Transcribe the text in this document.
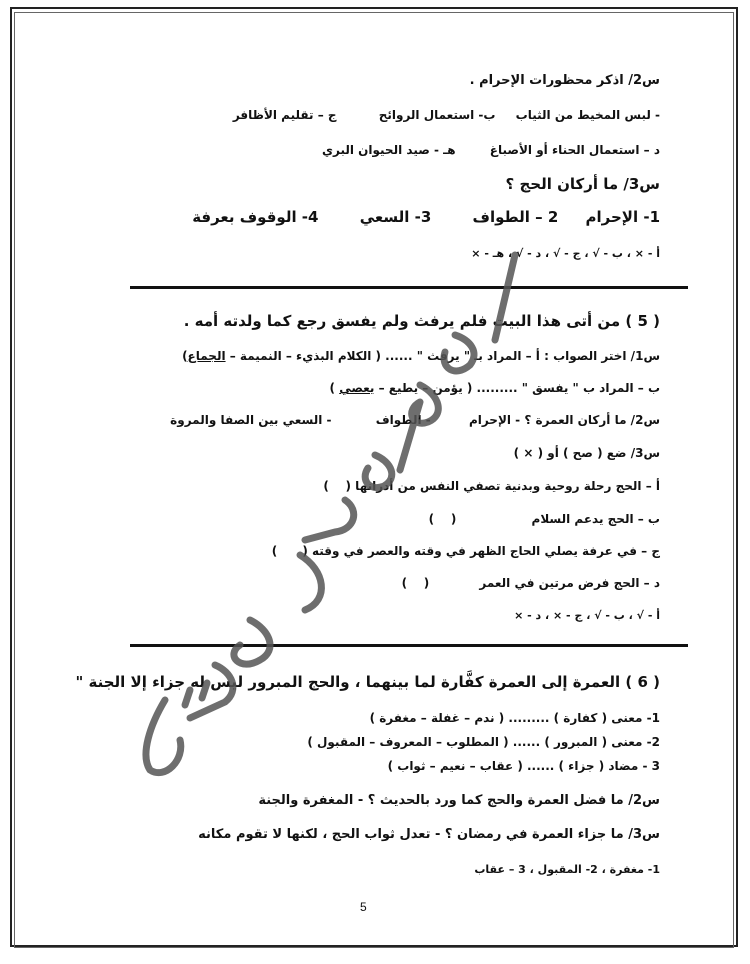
س2/ اذكر محظورات الإحرام .
- لبس المخيط من الثياب ب- استعمال الروائح ج – تقليم الأظافر
د – استعمال الحناء أو الأصباغ هـ - صيد الحيوان البري
س3/ ما أركان الحج ؟
1- الإحرام 2 – الطواف 3- السعي 4- الوقوف بعرفة
أ - × ، ب - √ ، ج - √ ، د - √ ، هـ - ×
( 5 ) من أتى هذا البيت فلم يرفث ولم يفسق رجع كما ولدته أمه .
س1/ اختر الصواب : أ – المراد بـ " يرفث " ...... ( الكلام البذيء – النميمة – الجماع)
ب – المراد ب " يفسق " ......... ( يؤمن – يطيع – يعصي )
س2/ ما أركان العمرة ؟ - الإحرام - الطواف - السعي بين الصفا والمروة
س3/ ضع ( صح ) أو ( × )
أ – الحج رحلة روحية وبدنية تصفي النفس من أدرانها (    )
ب – الحج يدعم السلام                  (    )
ج – في عرفة يصلي الحاج الظهر في وقته والعصر في وقته (      )
د – الحج فرض مرتين في العمر            (    )
أ - √ ، ب - √ ، ج - × ، د - ×
( 6 ) العمرة إلى العمرة كفَّارة لما بينهما ، والحج المبرور ليس له جزاء إلا الجنة "
1- معنى ( كفارة ) ......... ( ندم – غفلة – مغفرة )
2- معنى ( المبرور ) ...... ( المطلوب – المعروف – المقبول )
3 - مضاد ( جزاء ) ...... ( عقاب – نعيم – ثواب )
س2/ ما فضل العمرة والحج كما ورد بالحديث ؟ - المغفرة والجنة
س3/ ما جزاء العمرة في رمضان ؟ - تعدل ثواب الحج ، لكنها لا تقوم مكانه
1- مغفرة ، 2- المقبول ، 3 – عقاب
5
